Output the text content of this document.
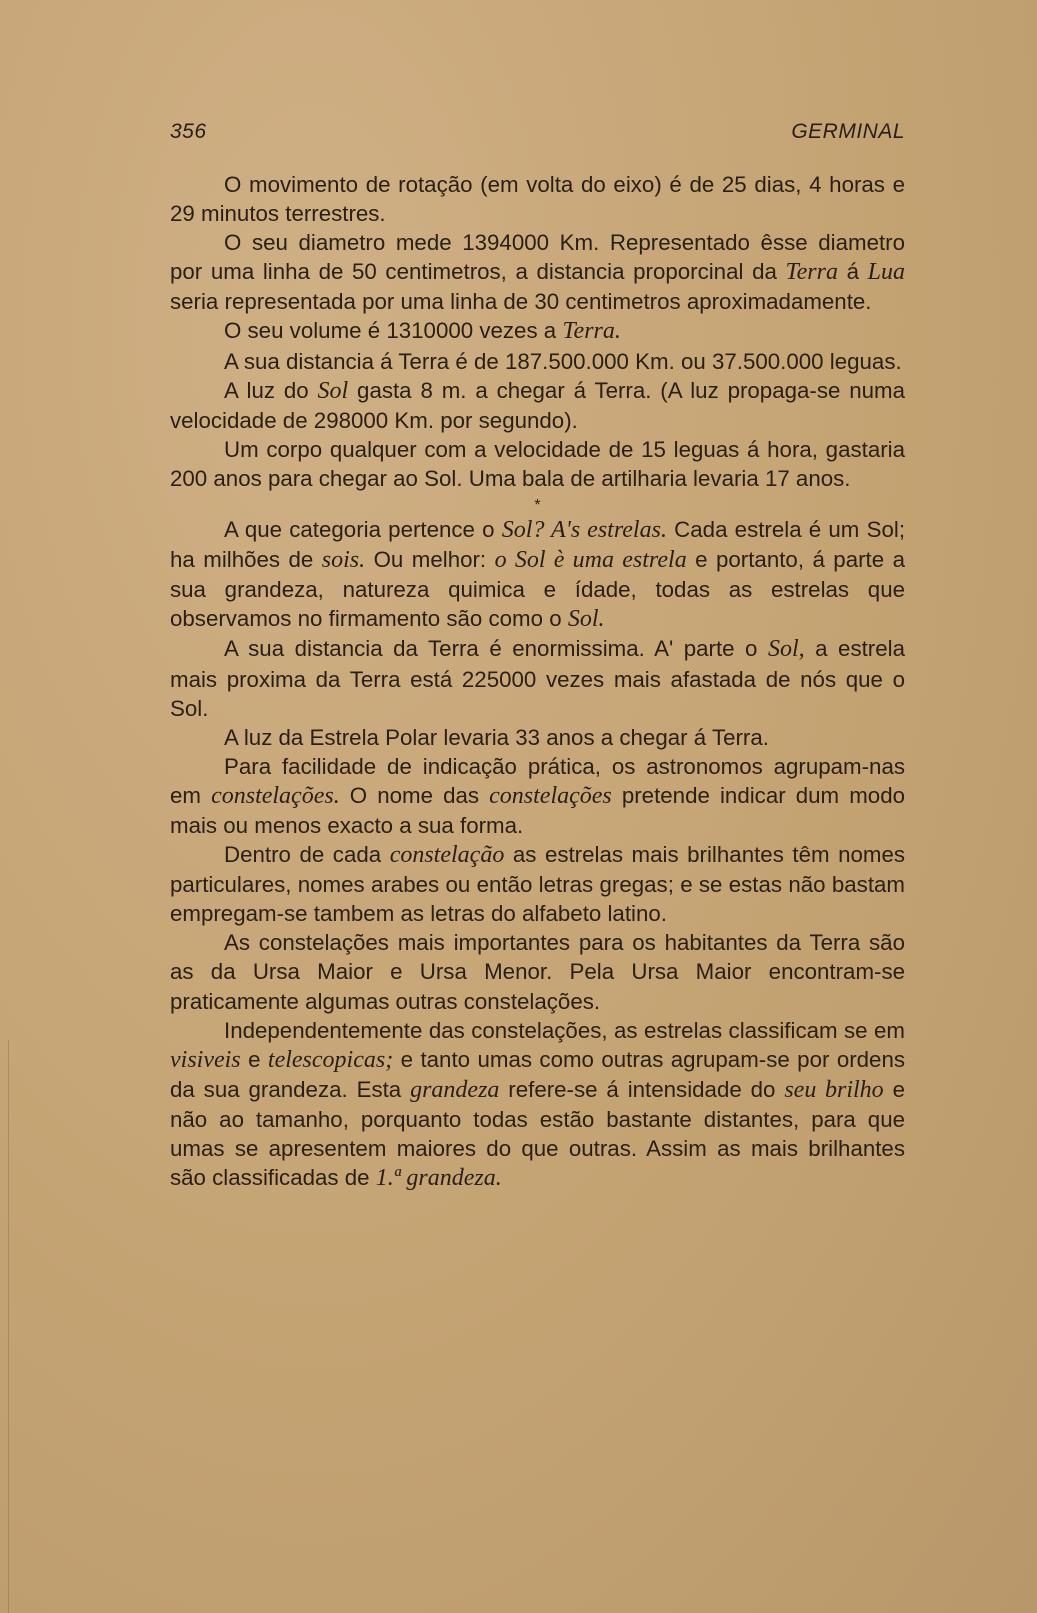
356	GERMINAL

O movimento de rotação (em volta do eixo) é de 25 dias, 4 horas e 29 minutos terrestres.

O seu diametro mede 1394000 Km. Representado êsse diametro por uma linha de 50 centimetros, a distancia proporcinal da Terra á Lua seria representada por uma linha de 30 centimetros aproximadamente.

O seu volume é 1310000 vezes a Terra.

A sua distancia á Terra é de 187.500.000 Km. ou 37.500.000 leguas.

A luz do Sol gasta 8 m. a chegar á Terra. (A luz propaga-se numa velocidade de 298000 Km. por segundo).

Um corpo qualquer com a velocidade de 15 leguas á hora, gastaria 200 anos para chegar ao Sol. Uma bala de artilharia levaria 17 anos.

*

A que categoria pertence o Sol? A's estrelas. Cada estrela é um Sol; ha milhões de sois. Ou melhor: o Sol è uma estrela e portanto, á parte a sua grandeza, natureza quimica e ídade, todas as estrelas que observamos no firmamento são como o Sol.

A sua distancia da Terra é enormissima. A' parte o Sol, a estrela mais proxima da Terra está 225000 vezes mais afastada de nós que o Sol.

A luz da Estrela Polar levaria 33 anos a chegar á Terra.

Para facilidade de indicação prática, os astronomos agrupam-nas em constelações. O nome das constelações pretende indicar dum modo mais ou menos exacto a sua forma.

Dentro de cada constelação as estrelas mais brilhantes têm nomes particulares, nomes arabes ou então letras gregas; e se estas não bastam empregam-se tambem as letras do alfabeto latino.

As constelações mais importantes para os habitantes da Terra são as da Ursa Maior e Ursa Menor. Pela Ursa Maior encontram-se praticamente algumas outras constelações.

Independentemente das constelações, as estrelas classificam se em visiveis e telescopicas; e tanto umas como outras agrupam-se por ordens da sua grandeza. Esta grandeza refere-se á intensidade do seu brilho e não ao tamanho, porquanto todas estão bastante distantes, para que umas se apresentem maiores do que outras. Assim as mais brilhantes são classificadas de 1.ª grandeza.
